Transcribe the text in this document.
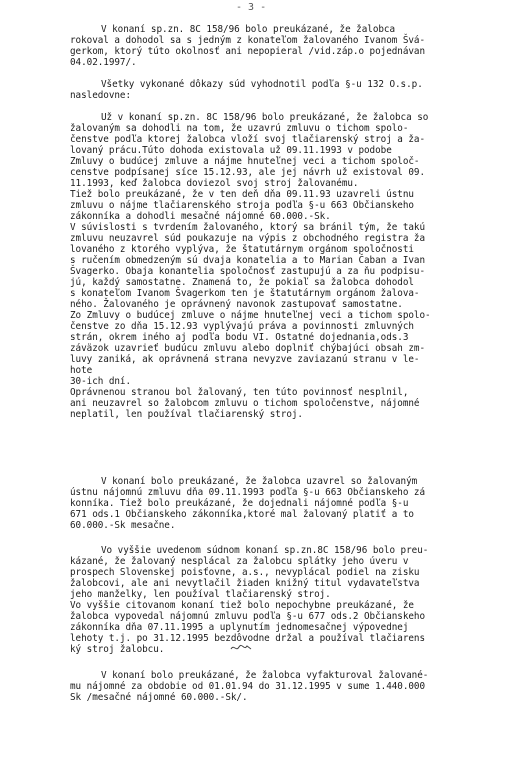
- 3 -
V konaní sp.zn. 8C 158/96 bolo preukázané, že žalobca
rokoval a dohodol sa s jedným z konateľom žalovaného Ivanom Švá-
gerkom, ktorý túto okolnosť ani nepopieral /vid.záp.o pojednávan
04.02.1997/.
Všetky vykonané dôkazy súd vyhodnotil podľa §-u 132 O.s.p.
nasledovne:
Už v konaní sp.zn. 8C 158/96 bolo preukázané, že žalobca so
žalovaným sa dohodli na tom, že uzavrú zmluvu o tichom spolo-
čenstve podľa ktorej žalobca vloží svoj tlačiarenský stroj a ža-
lovaný prácu.Túto dohoda existovala už 09.11.1993 v podobe
Zmluvy o budúcej zmluve a nájme hnuteľnej veci a tichom spoloč-
censtve podpísanej síce 15.12.93, ale jej návrh už existoval 09.
11.1993, keď žalobca doviezol svoj stroj žalovanému.
Tiež bolo preukázané, že v ten deň dňa 09.11.93 uzavreli ústnu
zmluvu o nájme tlačiarenského stroja podľa §-u 663 Občianskeho
zákonníka a dohodli mesačné nájomné 60.000.-Sk.
V súvislosti s tvrdením žalovaného, ktorý sa bránil tým, že takú
zmluvu neuzavrel súd poukazuje na výpis z obchodného registra ža
lovaného z ktorého vyplýva, že štatutárnym orgánom spoločnosti
s ručením obmedzeným sú dvaja konatelia a to Marian Čaban a Ivan
Švagerko. Obaja konantelia spoločnosť zastupujú a za ňu podpisu-
jú, každý samostatne. Znamená to, že pokiaľ sa žalobca dohodol
s konateľom Ivanom Švagerkom ten je štatutárnym orgánom žalova-
ného. Žalovaného je oprávnený navonok zastupovať samostatne.
Zo Zmluvy o budúcej zmluve o nájme hnuteľnej veci a tichom spolo-
čenstve zo dňa 15.12.93 vyplývajú práva a povinnosti zmluvných
strán, okrem iného aj podľa bodu VI. Ostatné dojednania,ods.3
záväzok uzavrieť budúcu zmluvu alebo doplniť chýbajúci obsah zm-
luvy zaniká, ak oprávnená strana nevyzve zaviazanú stranu v le-
hote
30-ich dní.
Oprávnenou stranou bol žalovaný, ten túto povinnosť nesplnil,
ani neuzavrel so žalobcom zmluvu o tichom spoločenstve, nájomné
neplatil, len používal tlačiarenský stroj.
V konaní bolo preukázané, že žalobca uzavrel so žalovaným
ústnu nájomnú zmluvu dňa 09.11.1993 podľa §-u 663 Občianskeho zá
konníka. Tiež bolo preukázané, že dojednali nájomné podľa §-u
671 ods.1 Občianskeho zákonníka,ktoré mal žalovaný platiť a to
60.000.-Sk mesačne.
Vo vyššie uvedenom súdnom konaní sp.zn.8C 158/96 bolo preu-
kázané, že žalovaný nesplácal za žalobcu splátky jeho úveru v
prospech Slovenskej poisťovne, a.s., nevyplácal podiel na zisku
žalobcovi, ale ani nevytlačil žiaden knižný titul vydavateľstva
jeho manželky, len používal tlačiarenský stroj.
Vo vyššie citovanom konaní tiež bolo nepochybne preukázané, že
žalobca vypovedal nájomnú zmluvu podľa §-u 677 ods.2 Občianskeho
zákonníka dňa 07.11.1995 a uplynutím jednomesačnej výpovednej
lehoty t.j. po 31.12.1995 bezdôvodne držal a používal tlačiarens
ký stroj žalobcu.
V konaní bolo preukázané, že žalobca vyfakturoval žalované-
mu nájomné za obdobie od 01.01.94 do 31.12.1995 v sume 1.440.000
Sk /mesačné nájomné 60.000.-Sk/.
